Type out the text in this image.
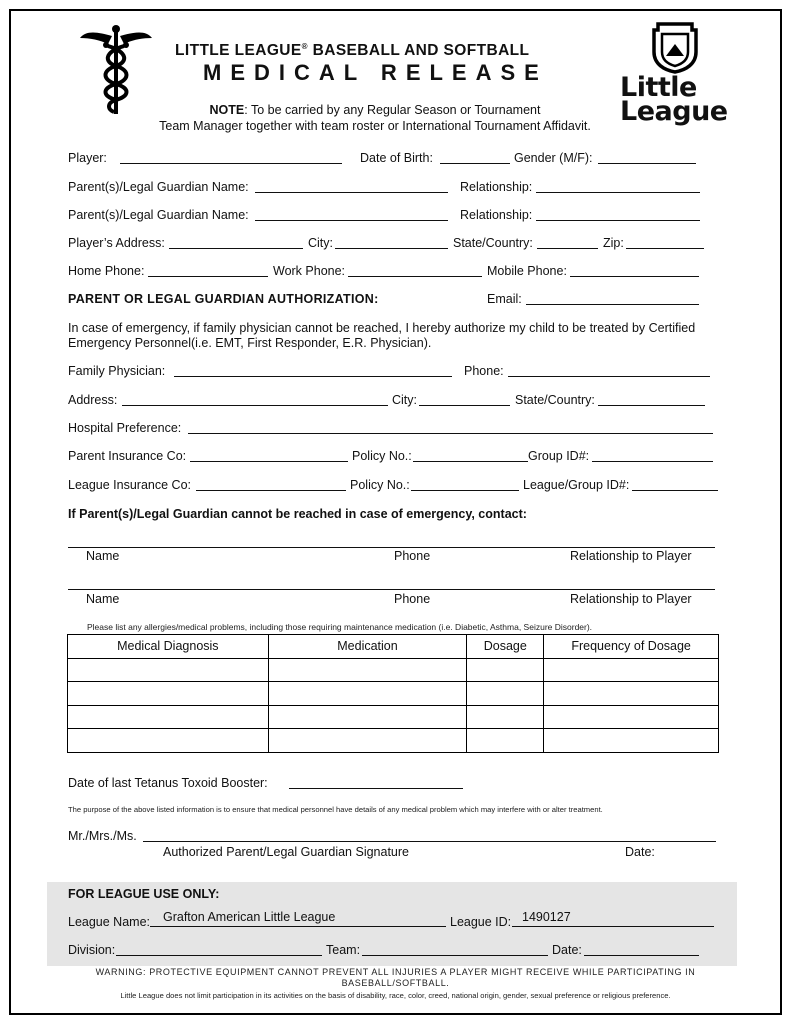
LITTLE LEAGUE® BASEBALL AND SOFTBALL
MEDICAL RELEASE
NOTE: To be carried by any Regular Season or Tournament
Team Manager together with team roster or International Tournament Affidavit.
Little
League
Player:	Date of Birth:	Gender (M/F):
Parent(s)/Legal Guardian Name:	Relationship:
Parent(s)/Legal Guardian Name:	Relationship:
Player’s Address:	City:	State/Country:	Zip:
Home Phone:	Work Phone:	Mobile Phone:
PARENT OR LEGAL GUARDIAN AUTHORIZATION:	Email:
In case of emergency, if family physician cannot be reached, I hereby authorize my child to be treated by Certified
Emergency Personnel(i.e. EMT, First Responder, E.R. Physician).
Family Physician:	Phone:
Address:	City:	State/Country:
Hospital Preference:
Parent Insurance Co:	Policy No.:	Group ID#:
League Insurance Co:	Policy No.:	League/Group ID#:
If Parent(s)/Legal Guardian cannot be reached in case of emergency, contact:
Name	Phone	Relationship to Player
Name	Phone	Relationship to Player
Please list any allergies/medical problems, including those requiring maintenance medication (i.e. Diabetic, Asthma, Seizure Disorder).
Medical Diagnosis	Medication	Dosage	Frequency of Dosage

Date of last Tetanus Toxoid Booster:
The purpose of the above listed information is to ensure that medical personnel have details of any medical problem which may interfere with or alter treatment.
Mr./Mrs./Ms.
Authorized Parent/Legal Guardian Signature	Date:
FOR LEAGUE USE ONLY:
League Name: Grafton American Little League	League ID: 1490127
Division:	Team:	Date:
WARNING: PROTECTIVE EQUIPMENT CANNOT PREVENT ALL INJURIES A PLAYER MIGHT RECEIVE WHILE PARTICIPATING IN
BASEBALL/SOFTBALL.
Little League does not limit participation in its activities on the basis of disability, race, color, creed, national origin, gender, sexual preference or religious preference.
